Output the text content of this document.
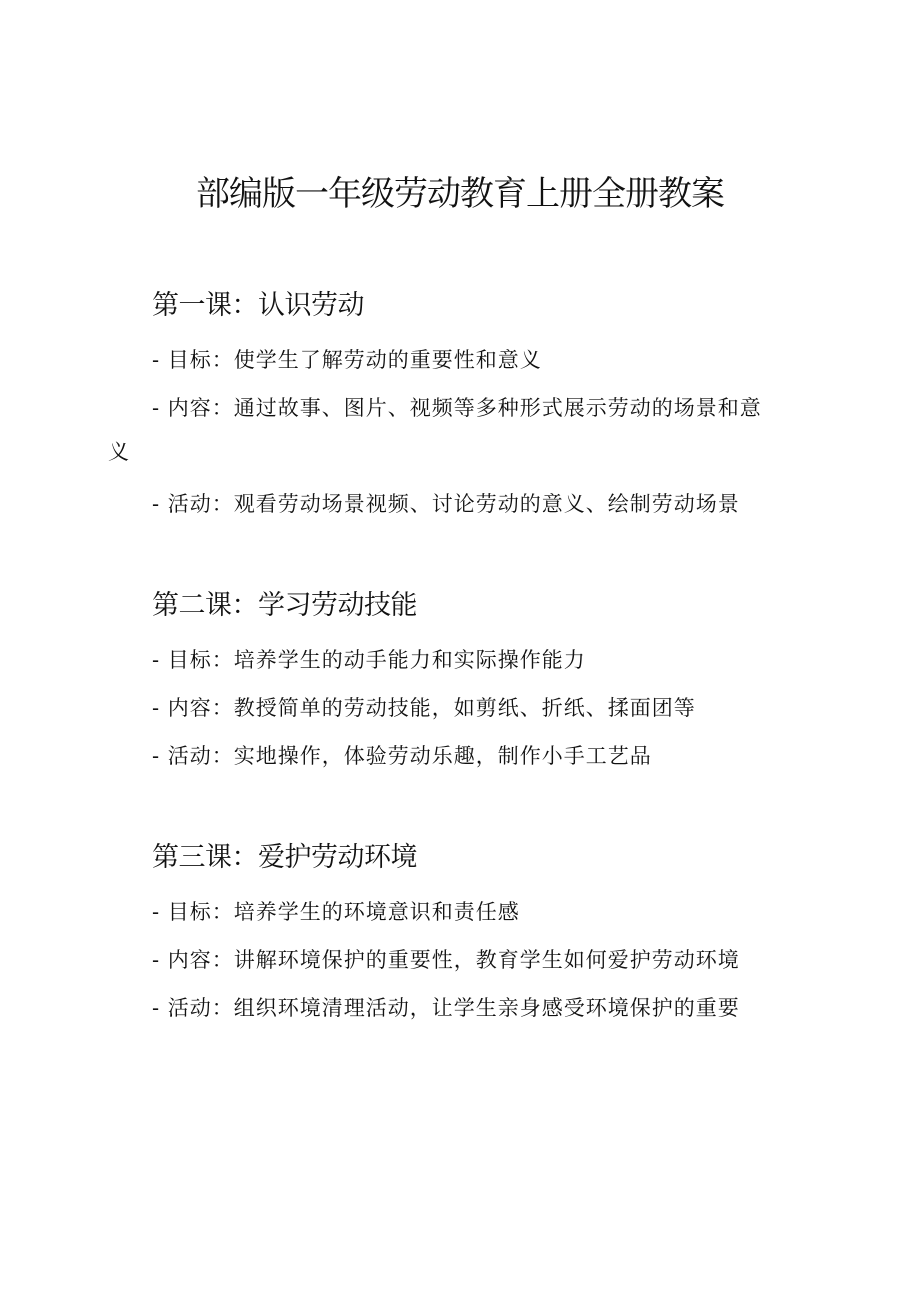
部编版一年级劳动教育上册全册教案
第一课：认识劳动
- 目标：使学生了解劳动的重要性和意义
- 内容：通过故事、图片、视频等多种形式展示劳动的场景和意
- 活动：观看劳动场景视频、讨论劳动的意义、绘制劳动场景
义
第二课：学习劳动技能
- 目标：培养学生的动手能力和实际操作能力
- 内容：教授简单的劳动技能，如剪纸、折纸、揉面团等
- 活动：实地操作，体验劳动乐趣，制作小手工艺品
第三课：爱护劳动环境
- 目标：培养学生的环境意识和责任感
- 内容：讲解环境保护的重要性，教育学生如何爱护劳动环境
- 活动：组织环境清理活动，让学生亲身感受环境保护的重要
